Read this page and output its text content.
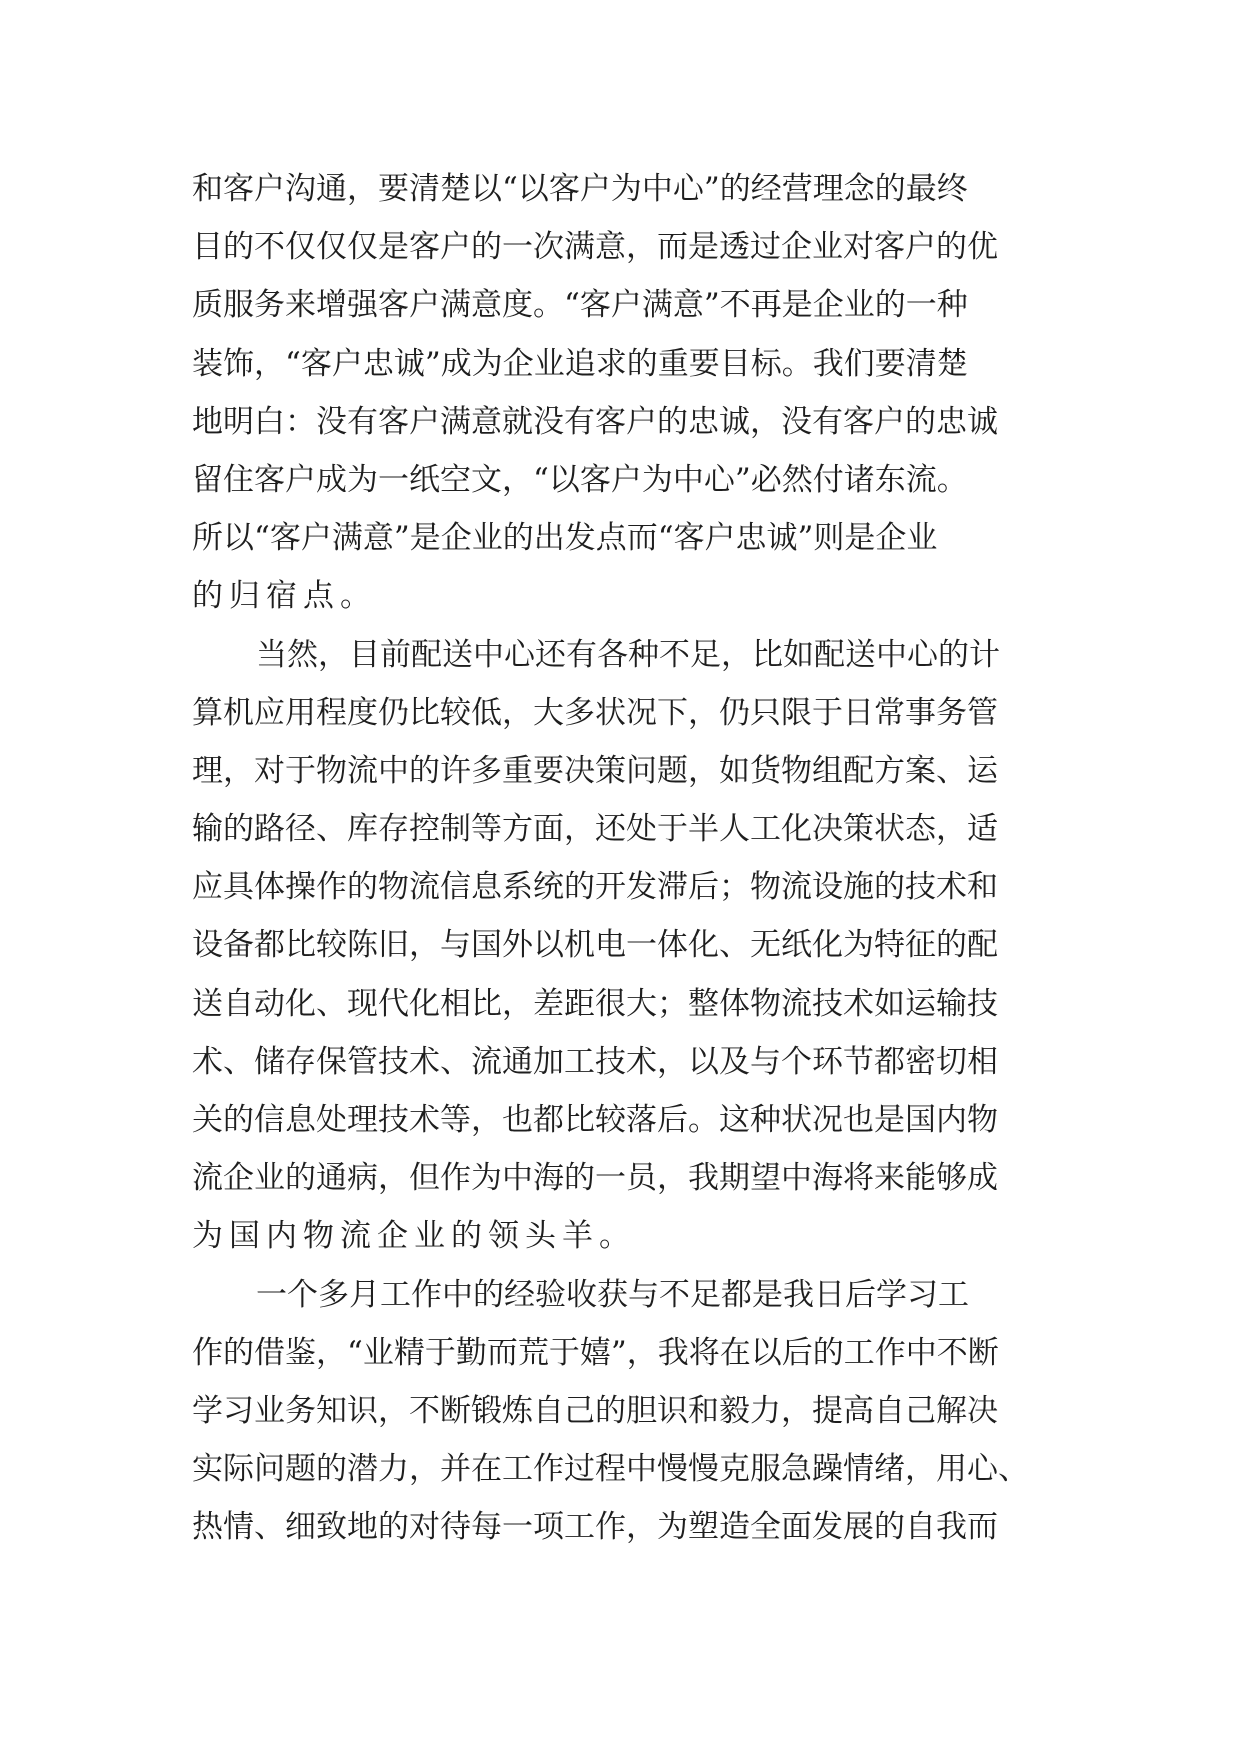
和客户沟通，要清楚以“以客户为中心”的经营理念的最终
目的不仅仅仅是客户的一次满意，而是透过企业对客户的优
质服务来增强客户满意度。“客户满意”不再是企业的一种
装饰，“客户忠诚”成为企业追求的重要目标。我们要清楚
地明白：没有客户满意就没有客户的忠诚，没有客户的忠诚
留住客户成为一纸空文，“以客户为中心”必然付诸东流。
所以“客户满意”是企业的出发点而“客户忠诚”则是企业
的归宿点。
当然，目前配送中心还有各种不足，比如配送中心的计
算机应用程度仍比较低，大多状况下，仍只限于日常事务管
理，对于物流中的许多重要决策问题，如货物组配方案、运
输的路径、库存控制等方面，还处于半人工化决策状态，适
应具体操作的物流信息系统的开发滞后；物流设施的技术和
设备都比较陈旧，与国外以机电一体化、无纸化为特征的配
送自动化、现代化相比，差距很大；整体物流技术如运输技
术、储存保管技术、流通加工技术，以及与个环节都密切相
关的信息处理技术等，也都比较落后。这种状况也是国内物
流企业的通病，但作为中海的一员，我期望中海将来能够成
为国内物流企业的领头羊。
一个多月工作中的经验收获与不足都是我日后学习工
作的借鉴，“业精于勤而荒于嬉”，我将在以后的工作中不断
学习业务知识，不断锻炼自己的胆识和毅力，提高自己解决
实际问题的潜力，并在工作过程中慢慢克服急躁情绪，用心、
热情、细致地的对待每一项工作，为塑造全面发展的自我而
